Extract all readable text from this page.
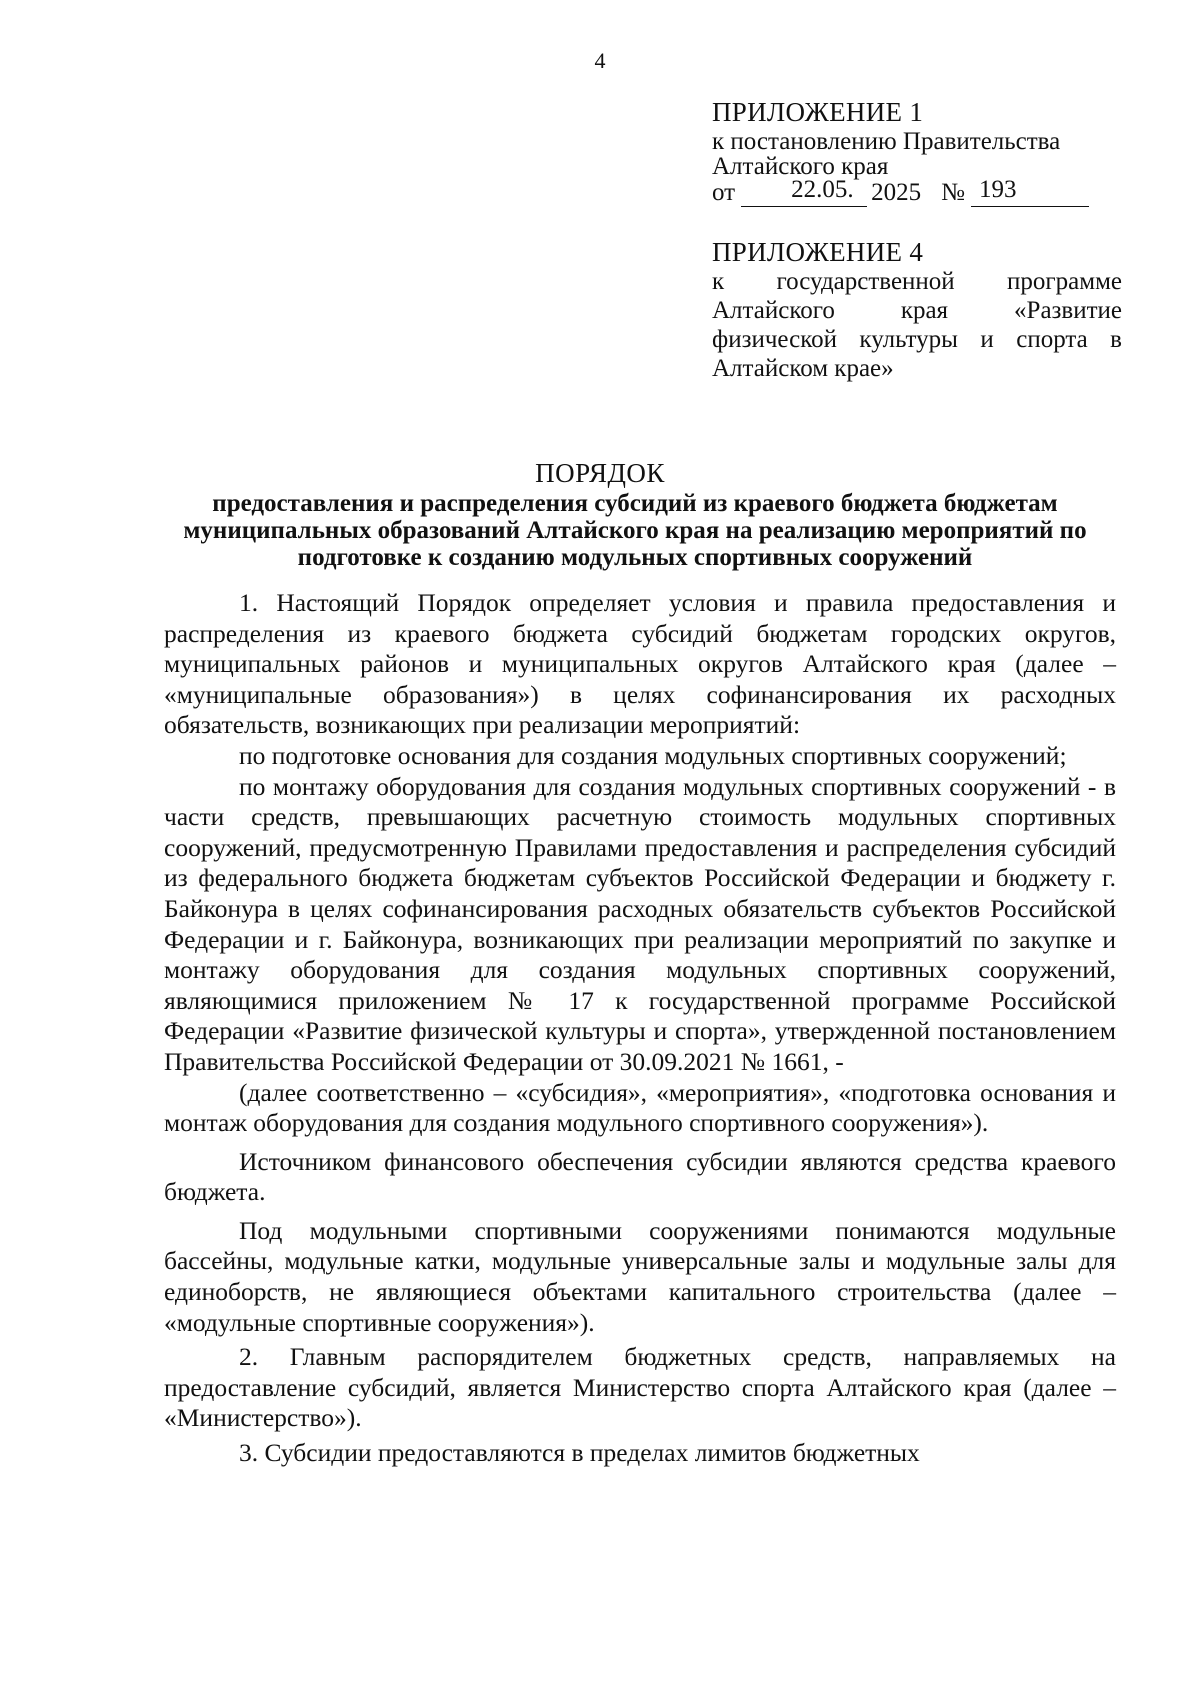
4
ПРИЛОЖЕНИЕ 1
к постановлению Правительства
Алтайского края
от 22.05. 2025 № 193
ПРИЛОЖЕНИЕ 4
к государственной программе Алтайского края «Развитие физической культуры и спорта в Алтайском крае»
ПОРЯДОК
предоставления и распределения субсидий из краевого бюджета бюджетам муниципальных образований Алтайского края на реализацию мероприятий по подготовке к созданию модульных спортивных сооружений

1. Настоящий Порядок определяет условия и правила предоставления и распределения из краевого бюджета субсидий бюджетам городских округов, муниципальных районов и муниципальных округов Алтайского края (далее – «муниципальные образования») в целях софинансирования их расходных обязательств, возникающих при реализации мероприятий:

по подготовке основания для создания модульных спортивных сооружений;

по монтажу оборудования для создания модульных спортивных сооружений - в части средств, превышающих расчетную стоимость модульных спортивных сооружений, предусмотренную Правилами предоставления и распределения субсидий из федерального бюджета бюджетам субъектов Российской Федерации и бюджету г. Байконура в целях софинансирования расходных обязательств субъектов Российской Федерации и г. Байконура, возникающих при реализации мероприятий по закупке и монтажу оборудования для создания модульных спортивных сооружений, являющимися приложением № 17 к государственной программе Российской Федерации «Развитие физической культуры и спорта», утвержденной постановлением Правительства Российской Федерации от 30.09.2021 № 1661, -

(далее соответственно – «субсидия», «мероприятия», «подготовка основания и монтаж оборудования для создания модульного спортивного сооружения»).

Источником финансового обеспечения субсидии являются средства краевого бюджета.

Под модульными спортивными сооружениями понимаются модульные бассейны, модульные катки, модульные универсальные залы и модульные залы для единоборств, не являющиеся объектами капитального строительства (далее – «модульные спортивные сооружения»).

2. Главным распорядителем бюджетных средств, направляемых на предоставление субсидий, является Министерство спорта Алтайского края (далее – «Министерство»).

3. Субсидии предоставляются в пределах лимитов бюджетных
